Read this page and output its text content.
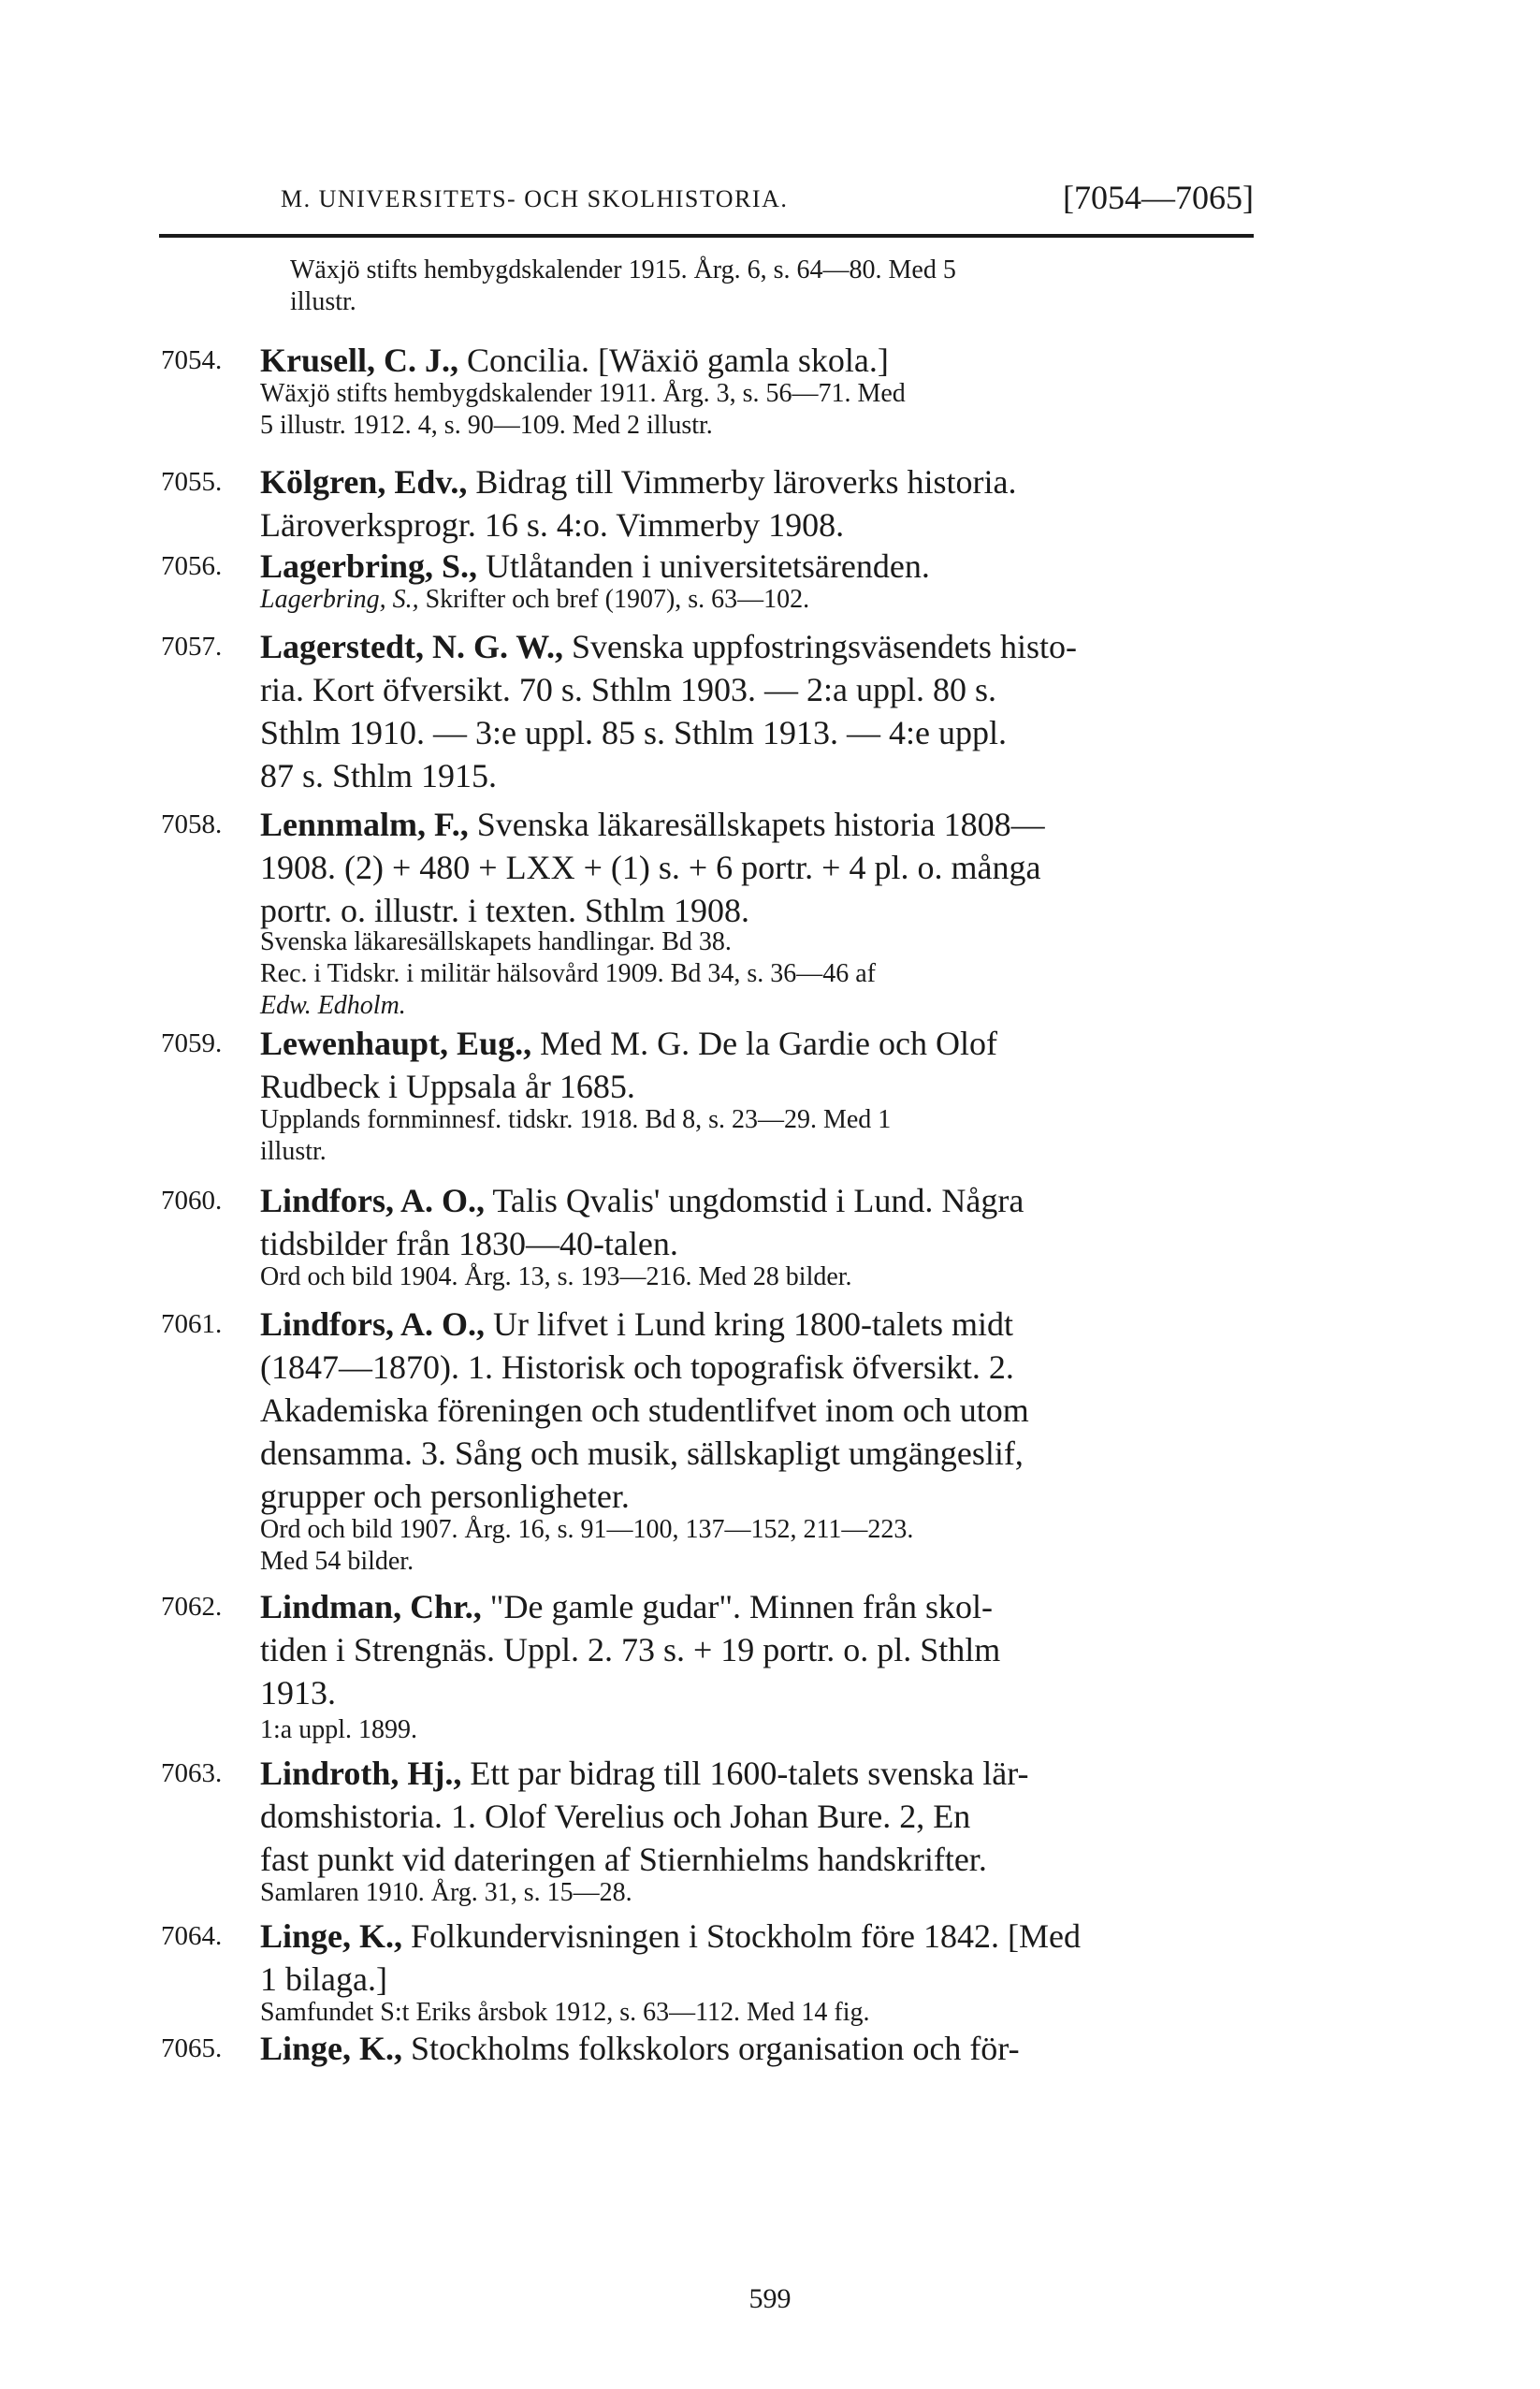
M. UNIVERSITETS- OCH SKOLHISTORIA.	[7054—7065]
Wäxjö stifts hembygdskalender 1915. Årg. 6, s. 64—80. Med 5
illustr.
7054.	Krusell, C. J., Concilia. [Wäxiö gamla skola.]
Wäxjö stifts hembygdskalender 1911. Årg. 3, s. 56—71. Med
5 illustr. 1912. 4, s. 90—109. Med 2 illustr.
7055.	Kölgren, Edv., Bidrag till Vimmerby läroverks historia.
Läroverksprogr. 16 s. 4:o. Vimmerby 1908.
7056.	Lagerbring, S., Utlåtanden i universitetsärenden.
Lagerbring, S., Skrifter och bref (1907), s. 63—102.
7057.	Lagerstedt, N. G. W., Svenska uppfostringsväsendets histo-
ria. Kort öfversikt. 70 s. Sthlm 1903. — 2:a uppl. 80 s.
Sthlm 1910. — 3:e uppl. 85 s. Sthlm 1913. — 4:e uppl.
87 s. Sthlm 1915.
7058.	Lennmalm, F., Svenska läkaresällskapets historia 1808—
1908. (2) + 480 + LXX + (1) s. + 6 portr. + 4 pl. o. många
portr. o. illustr. i texten. Sthlm 1908.
Svenska läkaresällskapets handlingar. Bd 38.
Rec. i Tidskr. i militär hälsovård 1909. Bd 34, s. 36—46 af
Edw. Edholm.
7059.	Lewenhaupt, Eug., Med M. G. De la Gardie och Olof
Rudbeck i Uppsala år 1685.
Upplands fornminnesf. tidskr. 1918. Bd 8, s. 23—29. Med 1
illustr.
7060.	Lindfors, A. O., Talis Qvalis' ungdomstid i Lund. Några
tidsbilder från 1830—40-talen.
Ord och bild 1904. Årg. 13, s. 193—216. Med 28 bilder.
7061.	Lindfors, A. O., Ur lifvet i Lund kring 1800-talets midt
(1847—1870). 1. Historisk och topografisk öfversikt. 2.
Akademiska föreningen och studentlifvet inom och utom
densamma. 3. Sång och musik, sällskapligt umgängeslif,
grupper och personligheter.
Ord och bild 1907. Årg. 16, s. 91—100, 137—152, 211—223.
Med 54 bilder.
7062.	Lindman, Chr., "De gamle gudar". Minnen från skol-
tiden i Strengnäs. Uppl. 2. 73 s. + 19 portr. o. pl. Sthlm
1913.
1:a uppl. 1899.
7063.	Lindroth, Hj., Ett par bidrag till 1600-talets svenska lär-
domshistoria. 1. Olof Verelius och Johan Bure. 2, En
fast punkt vid dateringen af Stiernhielms handskrifter.
Samlaren 1910. Årg. 31, s. 15—28.
7064.	Linge, K., Folkundervisningen i Stockholm före 1842. [Med
1 bilaga.]
Samfundet S:t Eriks årsbok 1912, s. 63—112. Med 14 fig.
7065.	Linge, K., Stockholms folkskolors organisation och för-
599
